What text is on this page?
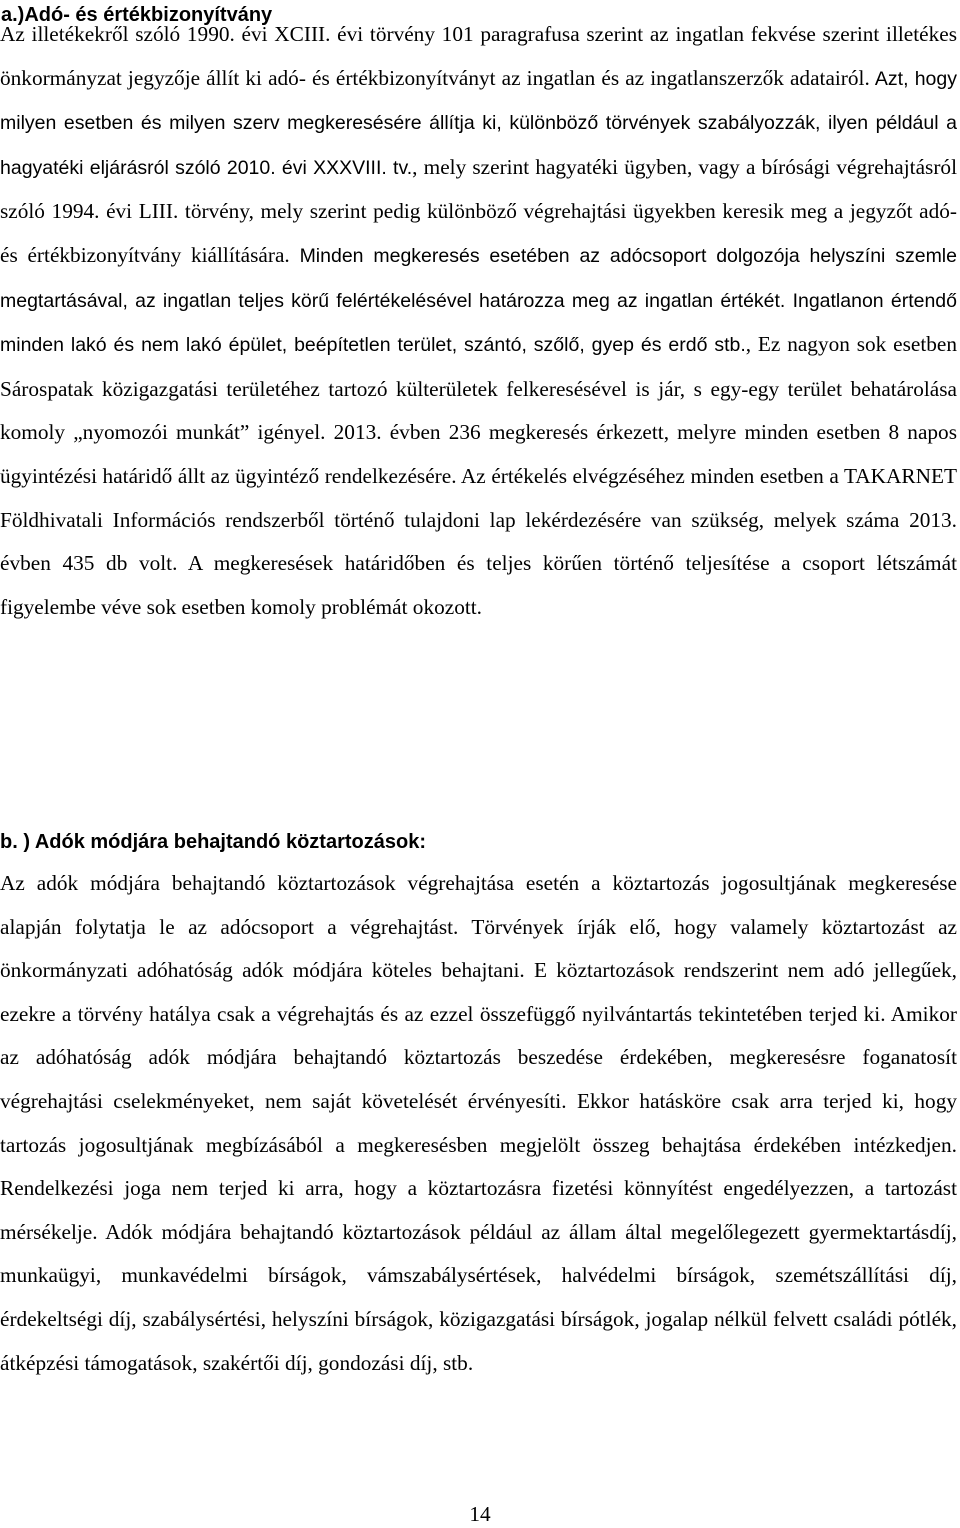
a.)Adó- és értékbizonyítvány

Az illetékekről szóló 1990. évi XCIII. évi törvény 101 paragrafusa szerint az ingatlan fekvése szerint illetékes önkormányzat jegyzője állít ki adó- és értékbizonyítványt az ingatlan és az ingatlanszerzők adatairól. Azt, hogy milyen esetben és milyen szerv megkeresésére állítja ki, különböző törvények szabályozzák, ilyen például a hagyatéki eljárásról szóló 2010. évi XXXVIII. tv., mely szerint hagyatéki ügyben, vagy a bírósági végrehajtásról szóló 1994. évi LIII. törvény, mely szerint pedig különböző végrehajtási ügyekben keresik meg a jegyzőt adó- és értékbizonyítvány kiállítására. Minden megkeresés esetében az adócsoport dolgozója helyszíni szemle megtartásával, az ingatlan teljes körű felértékelésével határozza meg az ingatlan értékét. Ingatlanon értendő minden lakó és nem lakó épület, beépítetlen terület, szántó, szőlő, gyep és erdő stb., Ez nagyon sok esetben Sárospatak közigazgatási területéhez tartozó külterületek felkeresésével is jár, s egy-egy terület behatárolása komoly „nyomozói munkát” igényel. 2013. évben 236 megkeresés érkezett, melyre minden esetben 8 napos ügyintézési határidő állt az ügyintéző rendelkezésére. Az értékelés elvégzéséhez minden esetben a TAKARNET Földhivatali Információs rendszerből történő tulajdoni lap lekérdezésére van szükség, melyek száma 2013. évben 435 db volt. A megkeresések határidőben és teljes körűen történő teljesítése a csoport létszámát figyelembe véve sok esetben komoly problémát okozott.

b. ) Adók módjára behajtandó köztartozások:

Az adók módjára behajtandó köztartozások végrehajtása esetén a köztartozás jogosultjának megkeresése alapján folytatja le az adócsoport a végrehajtást. Törvények írják elő, hogy valamely köztartozást az önkormányzati adóhatóság adók módjára köteles behajtani. E köztartozások rendszerint nem adó jellegűek, ezekre a törvény hatálya csak a végrehajtás és az ezzel összefüggő nyilvántartás tekintetében terjed ki. Amikor az adóhatóság adók módjára behajtandó köztartozás beszedése érdekében, megkeresésre foganatosít végrehajtási cselekményeket, nem saját követelését érvényesíti. Ekkor hatásköre csak arra terjed ki, hogy tartozás jogosultjának megbízásából a megkeresésben megjelölt összeg behajtása érdekében intézkedjen. Rendelkezési joga nem terjed ki arra, hogy a köztartozásra fizetési könnyítést engedélyezzen, a tartozást mérsékelje. Adók módjára behajtandó köztartozások például az állam által megelőlegezett gyermektartásdíj, munkaügyi, munkavédelmi bírságok, vámszabálysértések, halvédelmi bírságok, szemétszállítási díj, érdekeltségi díj, szabálysértési, helyszíni bírságok, közigazgatási bírságok, jogalap nélkül felvett családi pótlék, átképzési támogatások, szakértői díj, gondozási díj, stb.

14
